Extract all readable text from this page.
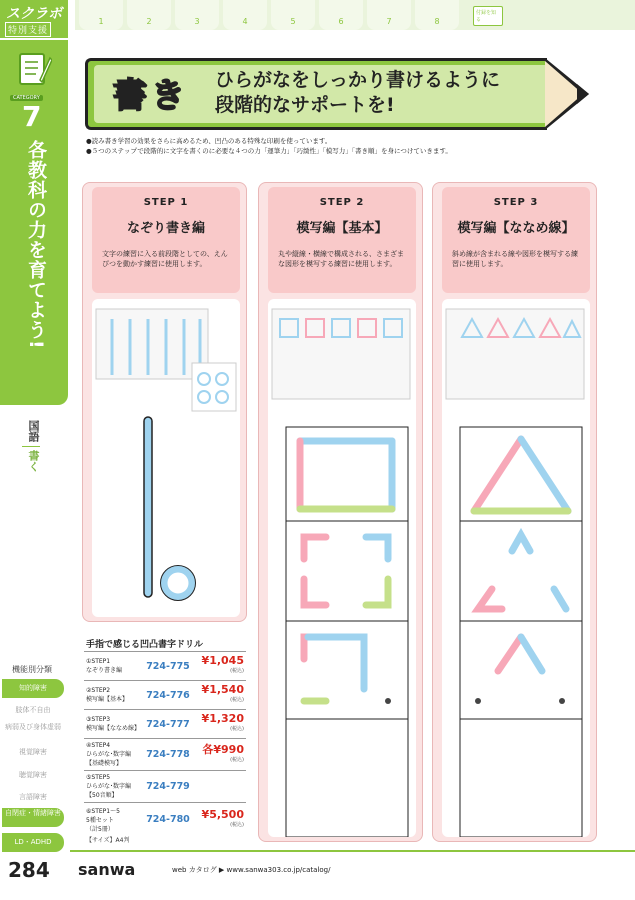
スクラボ
特別支援
CATEGORY
7
各教科の力を育てよう!
国語
書く
機能別分類
知的障害
肢体不自由
病弱及び身体虚弱
視覚障害
聴覚障害
言語障害
自閉症・情緒障害
LD・ADHD
284
1	2	3	4	5	6	7	8
付録を知る
書き ひらがなをしっかり書けるように
段階的なサポートを!
●読み書き学習の効果をさらに高めるため、凹凸のある特殊な印刷を使っています。
●５つのステップで段階的に文字を書くのに必要な４つの力「運筆力」「巧緻性」「模写力」「書き順」を身につけていきます。
STEP 1
なぞり書き編
文字の練習に入る前段階としての、えんぴつを動かす練習に使用します。
STEP 2
模写編【基本】
丸や縦線・横線で構成される、さまざまな図形を模写する練習に使用します。
STEP 3
模写編【ななめ線】
斜め線が含まれる線や図形を模写する練習に使用します。
手指で感じる凹凸書字ドリル
①STEP1
なぞり書き編	724-775	¥1,045
(税込)

②STEP2
模写編【基本】	724-776	¥1,540
(税込)

③STEP3
模写編【ななめ線】	724-777	¥1,320
(税込)

④STEP4
ひらがな･数字編
【基礎模写】	724-778	各¥990
(税込)

⑤STEP5
ひらがな･数字編
【50音順】	724-779	
⑥STEP1～5
5種セット
（計5冊）	724-780	¥5,500
(税込)
【サイズ】A4判
sanwa	web カタログ ▶ www.sanwa303.co.jp/catalog/
